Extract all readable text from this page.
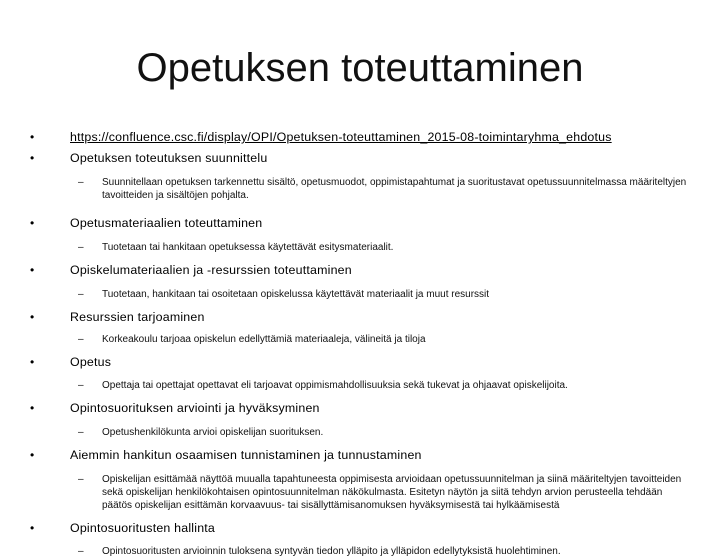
Opetuksen toteuttaminen
•	https://confluence.csc.fi/display/OPI/Opetuksen-toteuttaminen_2015-08-toimintaryhma_ehdotus
•	Opetuksen toteutuksen suunnittelu
– Suunnitellaan opetuksen tarkennettu sisältö, opetusmuodot, oppimistapahtumat ja suoritustavat opetussuunnitelmassa määriteltyjen tavoitteiden ja sisältöjen pohjalta.
•	Opetusmateriaalien toteuttaminen
– Tuotetaan tai hankitaan opetuksessa käytettävät esitysmateriaalit.
•	Opiskelumateriaalien ja -resurssien toteuttaminen
– Tuotetaan, hankitaan tai osoitetaan opiskelussa käytettävät materiaalit ja muut resurssit
•	Resurssien tarjoaminen
– Korkeakoulu tarjoaa opiskelun edellyttämiä materiaaleja, välineitä ja tiloja
•	Opetus
– Opettaja tai opettajat opettavat eli tarjoavat oppimismahdollisuuksia sekä tukevat ja ohjaavat opiskelijoita.
•	Opintosuorituksen arviointi ja hyväksyminen
– Opetushenkilökunta arvioi opiskelijan suorituksen.
•	Aiemmin hankitun osaamisen tunnistaminen ja tunnustaminen
– Opiskelijan esittämää näyttöä muualla tapahtuneesta oppimisesta arvioidaan opetussuunnitelman ja siinä määriteltyjen tavoitteiden sekä opiskelijan henkilökohtaisen opintosuunnitelman näkökulmasta. Esitetyn näytön ja siitä tehdyn arvion perusteella tehdään päätös opiskelijan esittämän korvaavuus- tai sisällyttämisanomuksen hyväksymisestä tai hylkäämisestä
•	Opintosuoritusten hallinta
– Opintosuoritusten arvioinnin tuloksena syntyvän tiedon ylläpito ja ylläpidon edellytyksistä huolehtiminen.
